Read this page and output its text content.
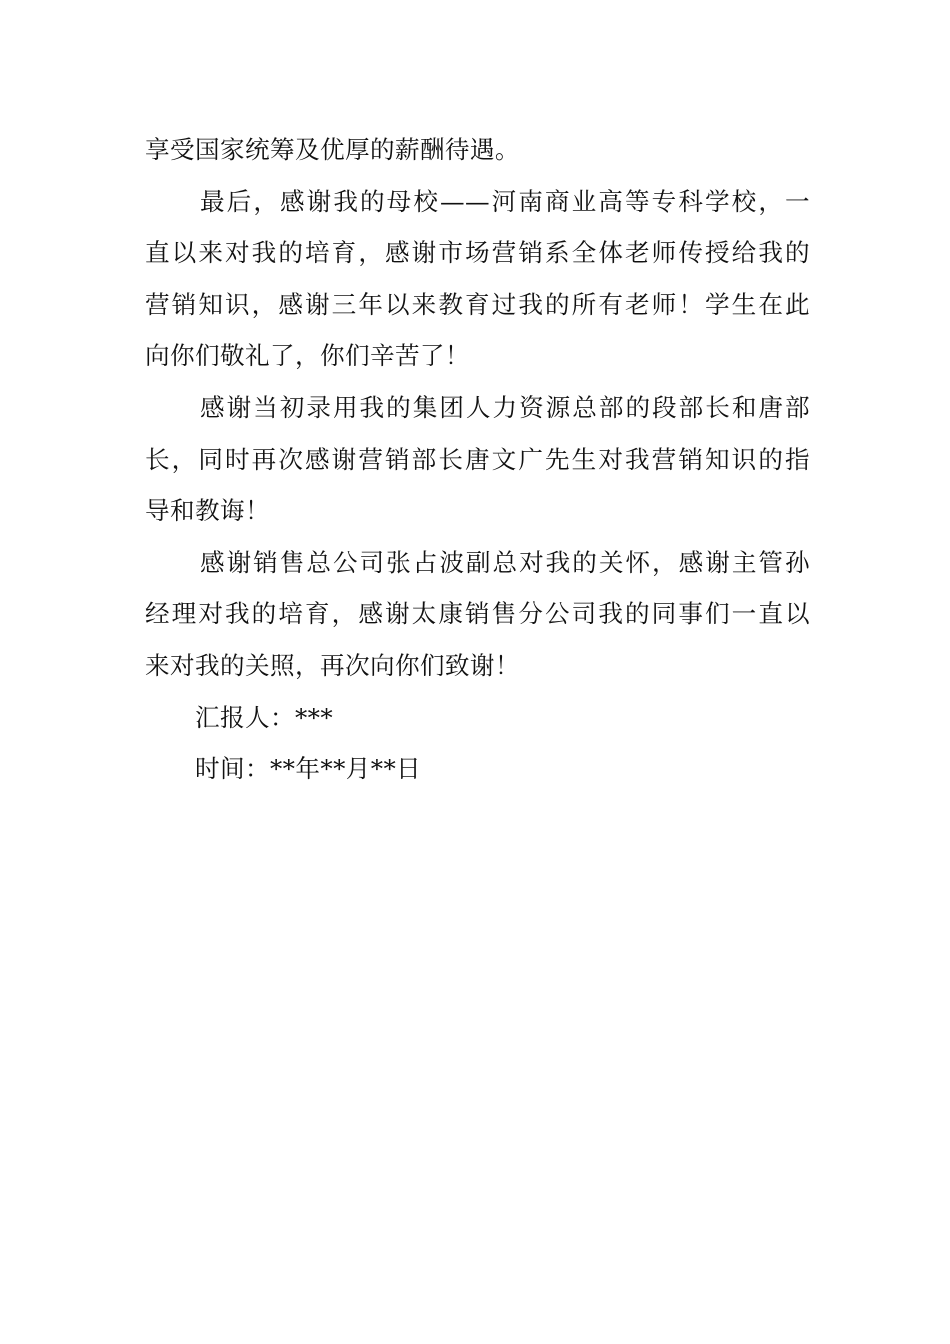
享受国家统筹及优厚的薪酬待遇。
最后，感谢我的母校——河南商业高等专科学校，一
直以来对我的培育，感谢市场营销系全体老师传授给我的
营销知识，感谢三年以来教育过我的所有老师！学生在此
向你们敬礼了，你们辛苦了！
感谢当初录用我的集团人力资源总部的段部长和唐部
长，同时再次感谢营销部长唐文广先生对我营销知识的指
导和教诲！
感谢销售总公司张占波副总对我的关怀，感谢主管孙
经理对我的培育，感谢太康销售分公司我的同事们一直以
来对我的关照，再次向你们致谢！
汇报人：***
时间：**年**月**日
